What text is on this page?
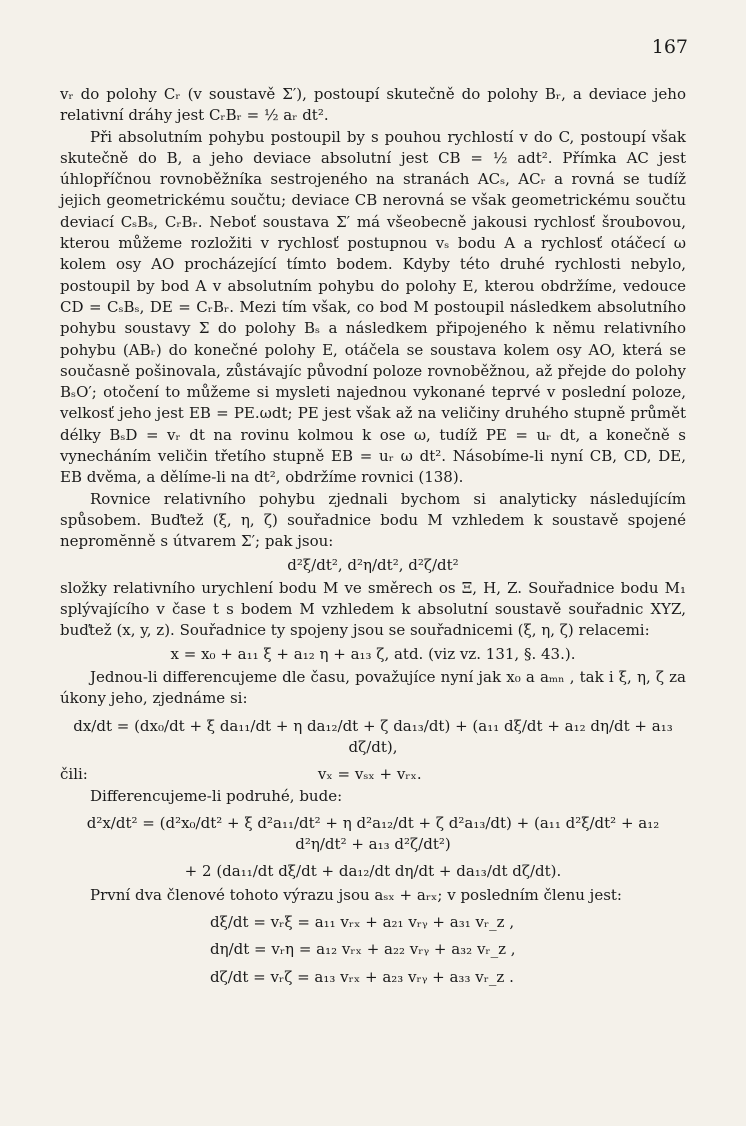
167

vᵣ do polohy Cᵣ (v soustavě Σ′), postoupí skutečně do polohy Bᵣ, a deviace jeho relativní dráhy jest CᵣBᵣ = ½ aᵣ dt².

Při absolutním pohybu postoupil by s pouhou rychlostí v do C, postoupí však skutečně do B, a jeho deviace absolutní jest CB = ½ adt². Přímka AC jest úhlopříčnou rovnoběžníka sestrojeného na stranách ACₛ, ACᵣ a rovná se tudíž jejich geometrickému součtu; deviace CB nerovná se však geometrickému součtu deviací CₛBₛ, CᵣBᵣ. Neboť soustava Σ′ má všeobecně jakousi rychlosť šroubovou, kterou můžeme rozložiti v rychlosť postupnou vₛ bodu A a rychlosť otáčecí ω kolem osy AO procházející tímto bodem. Kdyby této druhé rychlosti nebylo, postoupil by bod A v absolutním pohybu do polohy E, kterou obdržíme, vedouce CD = CₛBₛ, DE = CᵣBᵣ. Mezi tím však, co bod M postoupil následkem absolutního pohybu soustavy Σ do polohy Bₛ a následkem připojeného k němu relativního pohybu (ABᵣ) do konečné polohy E, otáčela se soustava kolem osy AO, která se současně pošinovala, zůstávajíc původní poloze rovnoběžnou, až přejde do polohy BₛO′; otočení to můžeme si mysleti najednou vykonané teprvé v poslední poloze, velkosť jeho jest EB = PE.ωdt; PE jest však až na veličiny druhého stupně průmět délky BₛD = vᵣ dt na rovinu kolmou k ose ω, tudíž PE = uᵣ dt, a konečně s vynecháním veličin třetího stupně EB = uᵣ ω dt². Násobíme-li nyní CB, CD, DE, EB dvěma, a dělíme-li na dt², obdržíme rovnici (138).

Rovnice relativního pohybu zjednali bychom si analyticky následujícím spůsobem. Buďtež (ξ, η, ζ) souřadnice bodu M vzhledem k soustavě spojené nepromĕnně s útvarem Σ′; pak jsou:

d²ξ/dt², d²η/dt², d²ζ/dt²

složky relativního urychlení bodu M ve směrech os Ξ, H, Z. Souřadnice bodu M₁ splývajícího v čase t s bodem M vzhledem k absolutní soustavě souřadnic XYZ, buďtež (x, y, z). Souřadnice ty spojeny jsou se souřadnicemi (ξ, η, ζ) relacemi:

x = x₀ + a₁₁ ξ + a₁₂ η + a₁₃ ζ, atd. (viz vz. 131, §. 43.).

Jednou-li differencujeme dle času, považujíce nyní jak x₀ a aₘₙ , tak i ξ, η, ζ za úkony jeho, zjednáme si:

dx/dt = (dx₀/dt + ξ da₁₁/dt + η da₁₂/dt + ζ da₁₃/dt) + (a₁₁ dξ/dt + a₁₂ dη/dt + a₁₃ dζ/dt),
čili:	vₓ = vₛₓ + vᵣₓ.

Differencujeme-li podruhé, bude:

d²x/dt² = (d²x₀/dt² + ξ d²a₁₁/dt² + η d²a₁₂/dt + ζ d²a₁₃/dt) + (a₁₁ d²ξ/dt² + a₁₂ d²η/dt² + a₁₃ d²ζ/dt²)
+ 2 (da₁₁/dt dξ/dt + da₁₂/dt dη/dt + da₁₃/dt dζ/dt).

První dva členové tohoto výrazu jsou aₛₓ + aᵣₓ; v posledním členu jest:

dξ/dt = vᵣξ = a₁₁ vᵣₓ + a₂₁ vᵣᵧ + a₃₁ vᵣ_z ,
dη/dt = vᵣη = a₁₂ vᵣₓ + a₂₂ vᵣᵧ + a₃₂ vᵣ_z ,
dζ/dt = vᵣζ = a₁₃ vᵣₓ + a₂₃ vᵣᵧ + a₃₃ vᵣ_z .
